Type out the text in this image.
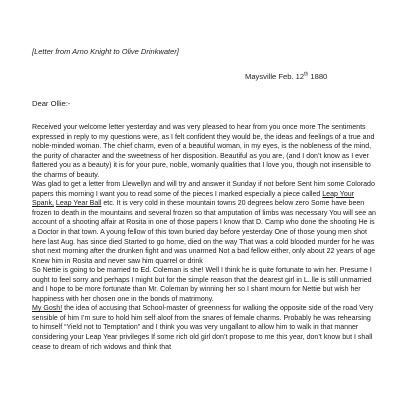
[Letter from Arno Knight to Olive Drinkwater]
Maysville Feb. 12th 1880
Dear Ollie:-

Received your welcome letter yesterday and was very pleased to hear from you once more The sentiments expressed in reply to my questions were, as I felt confident they would be, the ideas and feelings of a true and noble-minded woman. The chief charm, even of a beautiful woman, in my eyes, is the nobleness of the mind, the purity of character and the sweetness of her disposition. Beautiful as you are, (and I don’t know as I ever flattered you as a beauty) it is for your pure, noble, womanly qualities that I love you, though not insensible to the charms of beauty.

Was glad to get a letter from Llewellyn and will try and answer it Sunday if not before Sent him some Colorado papers this morning I want you to read some of the pieces I marked especially a piece called Leap Your Spank, Leap Year Ball etc. It is very cold in these mountain towns 20 degrees below zero Some have been frozen to death in the mountains and several frozen so that amputation of limbs was necessary You will see an account of a shooting affair at Rosita in one of those papers I know that D. Camp who done the shooting He is a Doctor in that town. A young fellow of this town buried day before yesterday One of those young men shot here last Aug. has since died Started to go home, died on the way That was a cold blooded murder for he was shot next morning after the drunken fight and was unarmed Not a bad fellow either, only about 22 years of age Knew him in Rosita and never saw him quarrel or drink

So Nettie is going to be married to Ed. Coleman is she! Well I think he is quite fortunate to win her. Presume I ought to feel sorry and perhaps I might but for the simple reason that the dearest girl in L..lle is still unmarried and I hope to be more fortunate than Mr. Coleman by winning her so I shant mourn for Nettie but wish her happiness with her chosen one in the bonds of matrimony.

My Gosh! the idea of accusing that School-master of greenness for walking the opposite side of the road Very sensible of him I’m sure to hold him self aloof from the snares of female charms. Probably he was rehearsing to himself “Yield not to Temptation” and I think you was very ungallant to allow him to walk in that manner considering your Leap Year privileges If some rich old girl don’t propose to me this year, don’t know but I shall cease to dream of rich widows and think that
